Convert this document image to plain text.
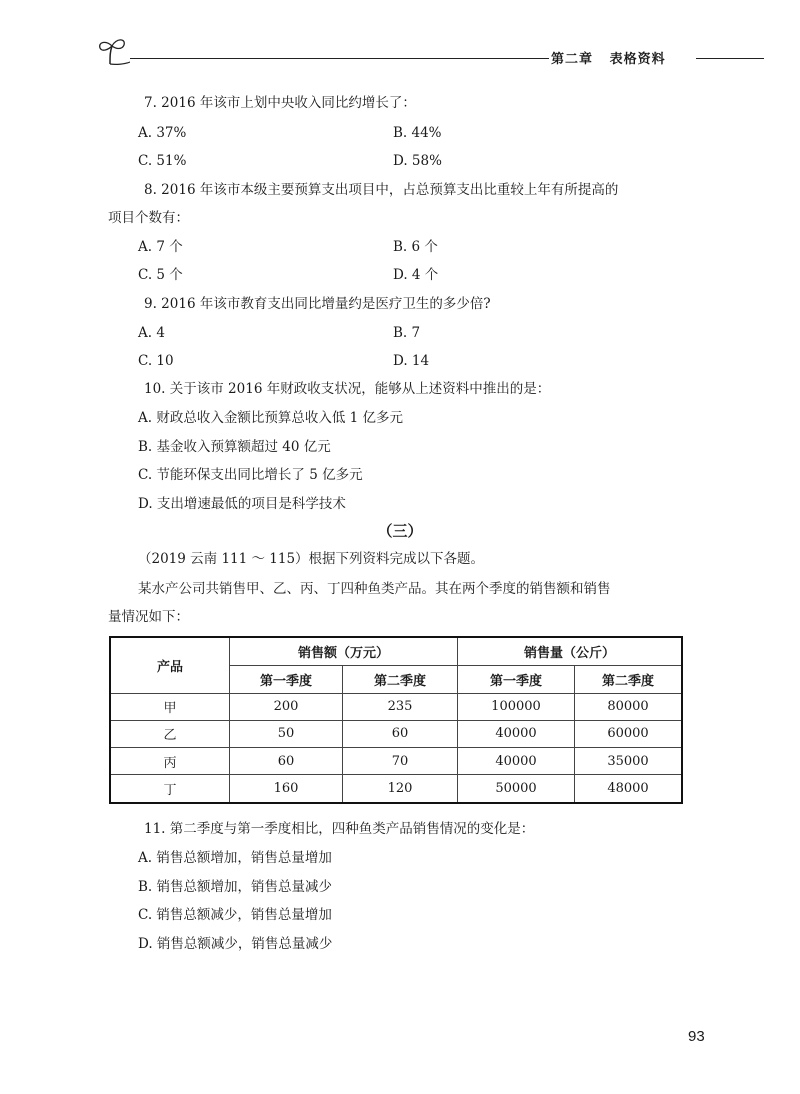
第二章 表格资料
7. 2016 年该市上划中央收入同比约增长了：
A. 37%	B. 44%
C. 51%	D. 58%
8. 2016 年该市本级主要预算支出项目中，占总预算支出比重较上年有所提高的
项目个数有：
A. 7 个	B. 6 个
C. 5 个	D. 4 个
9. 2016 年该市教育支出同比增量约是医疗卫生的多少倍?
A. 4	B. 7
C. 10	D. 14
10. 关于该市 2016 年财政收支状况，能够从上述资料中推出的是：
A. 财政总收入金额比预算总收入低 1 亿多元
B. 基金收入预算额超过 40 亿元
C. 节能环保支出同比增长了 5 亿多元
D. 支出增速最低的项目是科学技术
（三）
（2019 云南 111 ～ 115）根据下列资料完成以下各题。
某水产公司共销售甲、乙、丙、丁四种鱼类产品。其在两个季度的销售额和销售
量情况如下：
产品	销售额（万元）		销售量（公斤）	
	第一季度	第二季度	第一季度	第二季度
甲	200	235	100000	80000
乙	50	60	40000	60000
丙	60	70	40000	35000
丁	160	120	50000	48000
11. 第二季度与第一季度相比，四种鱼类产品销售情况的变化是：
A. 销售总额增加，销售总量增加
B. 销售总额增加，销售总量减少
C. 销售总额减少，销售总量增加
D. 销售总额减少，销售总量减少
93
